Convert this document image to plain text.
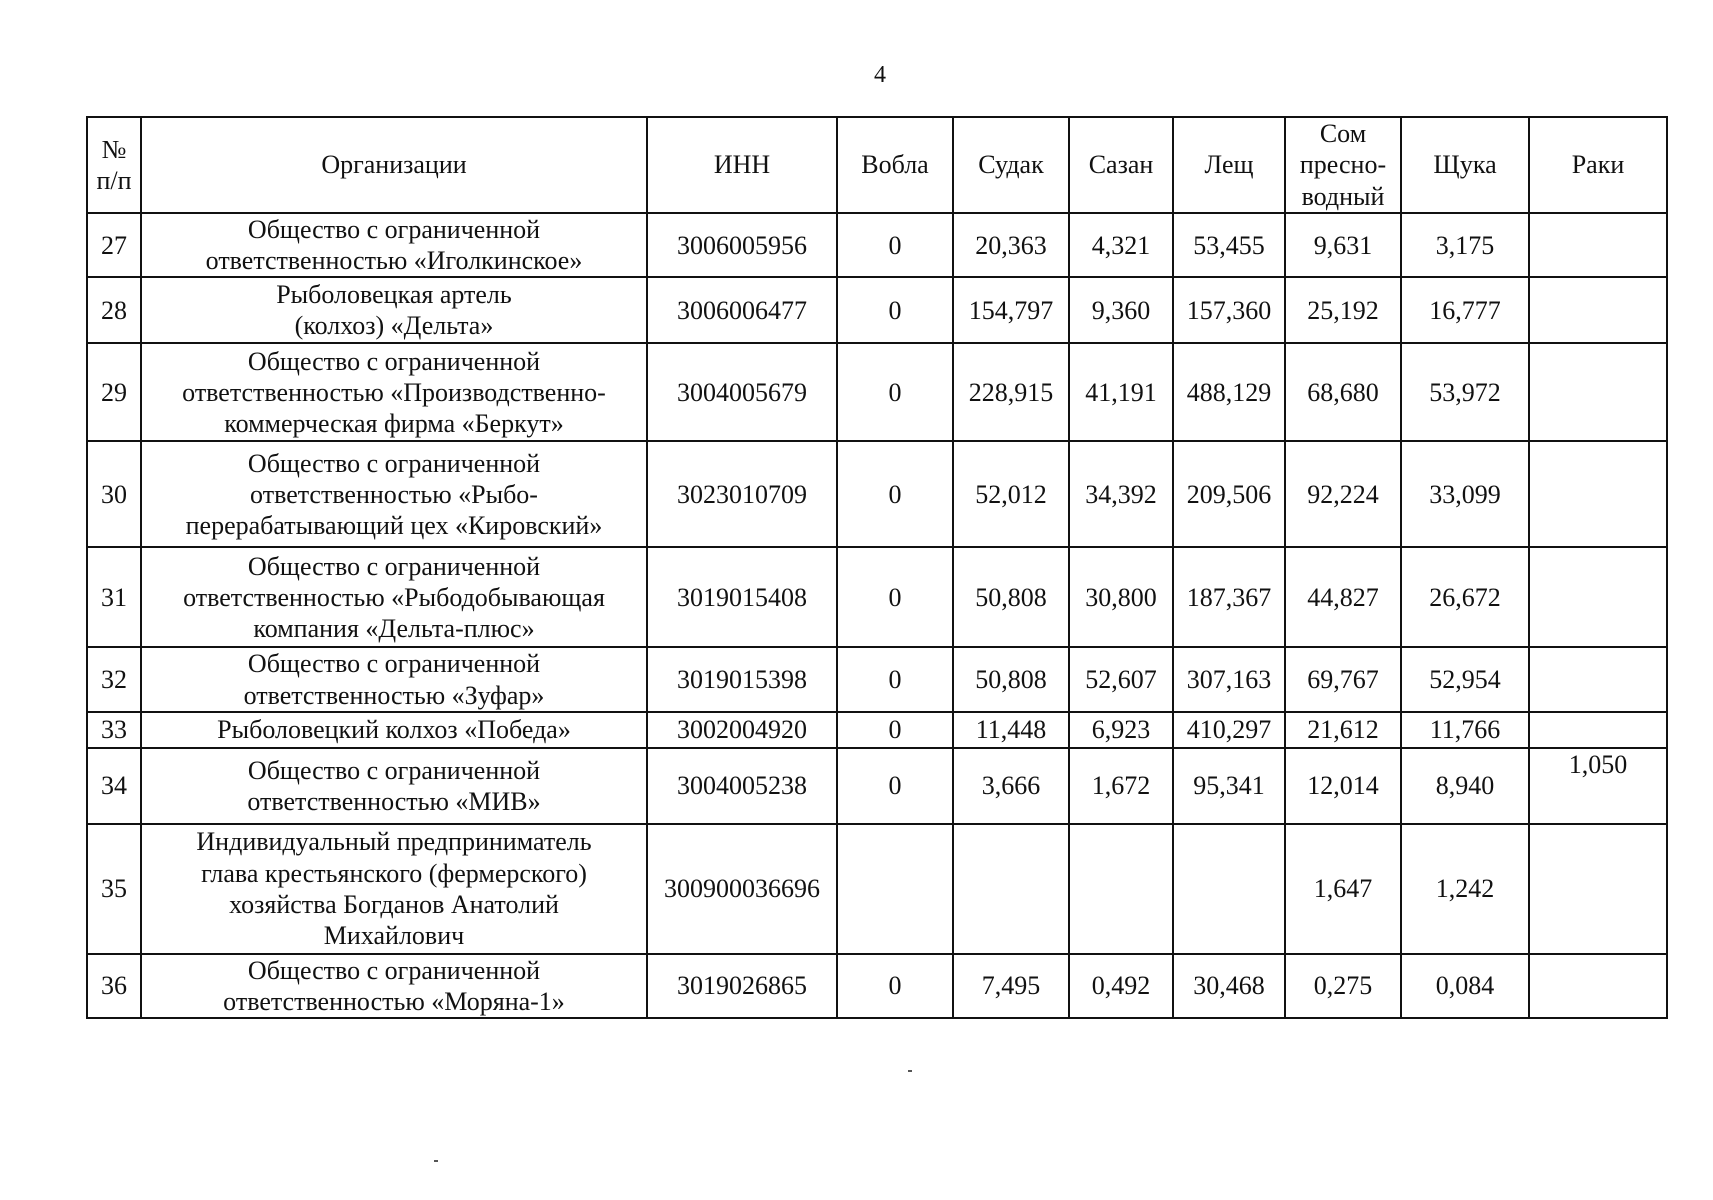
4
№
п/п	Организации	ИНН	Вобла	Судак	Сазан	Лещ	Сом
пресно-
водный	Щука	Раки
27	Общество с ограниченной
ответственностью «Иголкинское»	3006005956	0	20,363	4,321	53,455	9,631	3,175	
28	Рыболовецкая артель
(колхоз) «Дельта»	3006006477	0	154,797	9,360	157,360	25,192	16,777	
29	Общество с ограниченной
ответственностью «Производственно-
коммерческая фирма «Беркут»	3004005679	0	228,915	41,191	488,129	68,680	53,972	
30	Общество с ограниченной
ответственностью «Рыбо-
перерабатывающий цех «Кировский»	3023010709	0	52,012	34,392	209,506	92,224	33,099	
31	Общество с ограниченной
ответственностью «Рыбодобывающая
компания «Дельта-плюс»	3019015408	0	50,808	30,800	187,367	44,827	26,672	
32	Общество с ограниченной
ответственностью «Зуфар»	3019015398	0	50,808	52,607	307,163	69,767	52,954	
33	Рыболовецкий колхоз «Победа»	3002004920	0	11,448	6,923	410,297	21,612	11,766	
34	Общество с ограниченной
ответственностью «МИВ»	3004005238	0	3,666	1,672	95,341	12,014	8,940	1,050
35	Индивидуальный предприниматель
глава крестьянского (фермерского)
хозяйства Богданов Анатолий
Михайлович	300900036696					1,647	1,242	
36	Общество с ограниченной
ответственностью «Моряна-1»	3019026865	0	7,495	0,492	30,468	0,275	0,084	
